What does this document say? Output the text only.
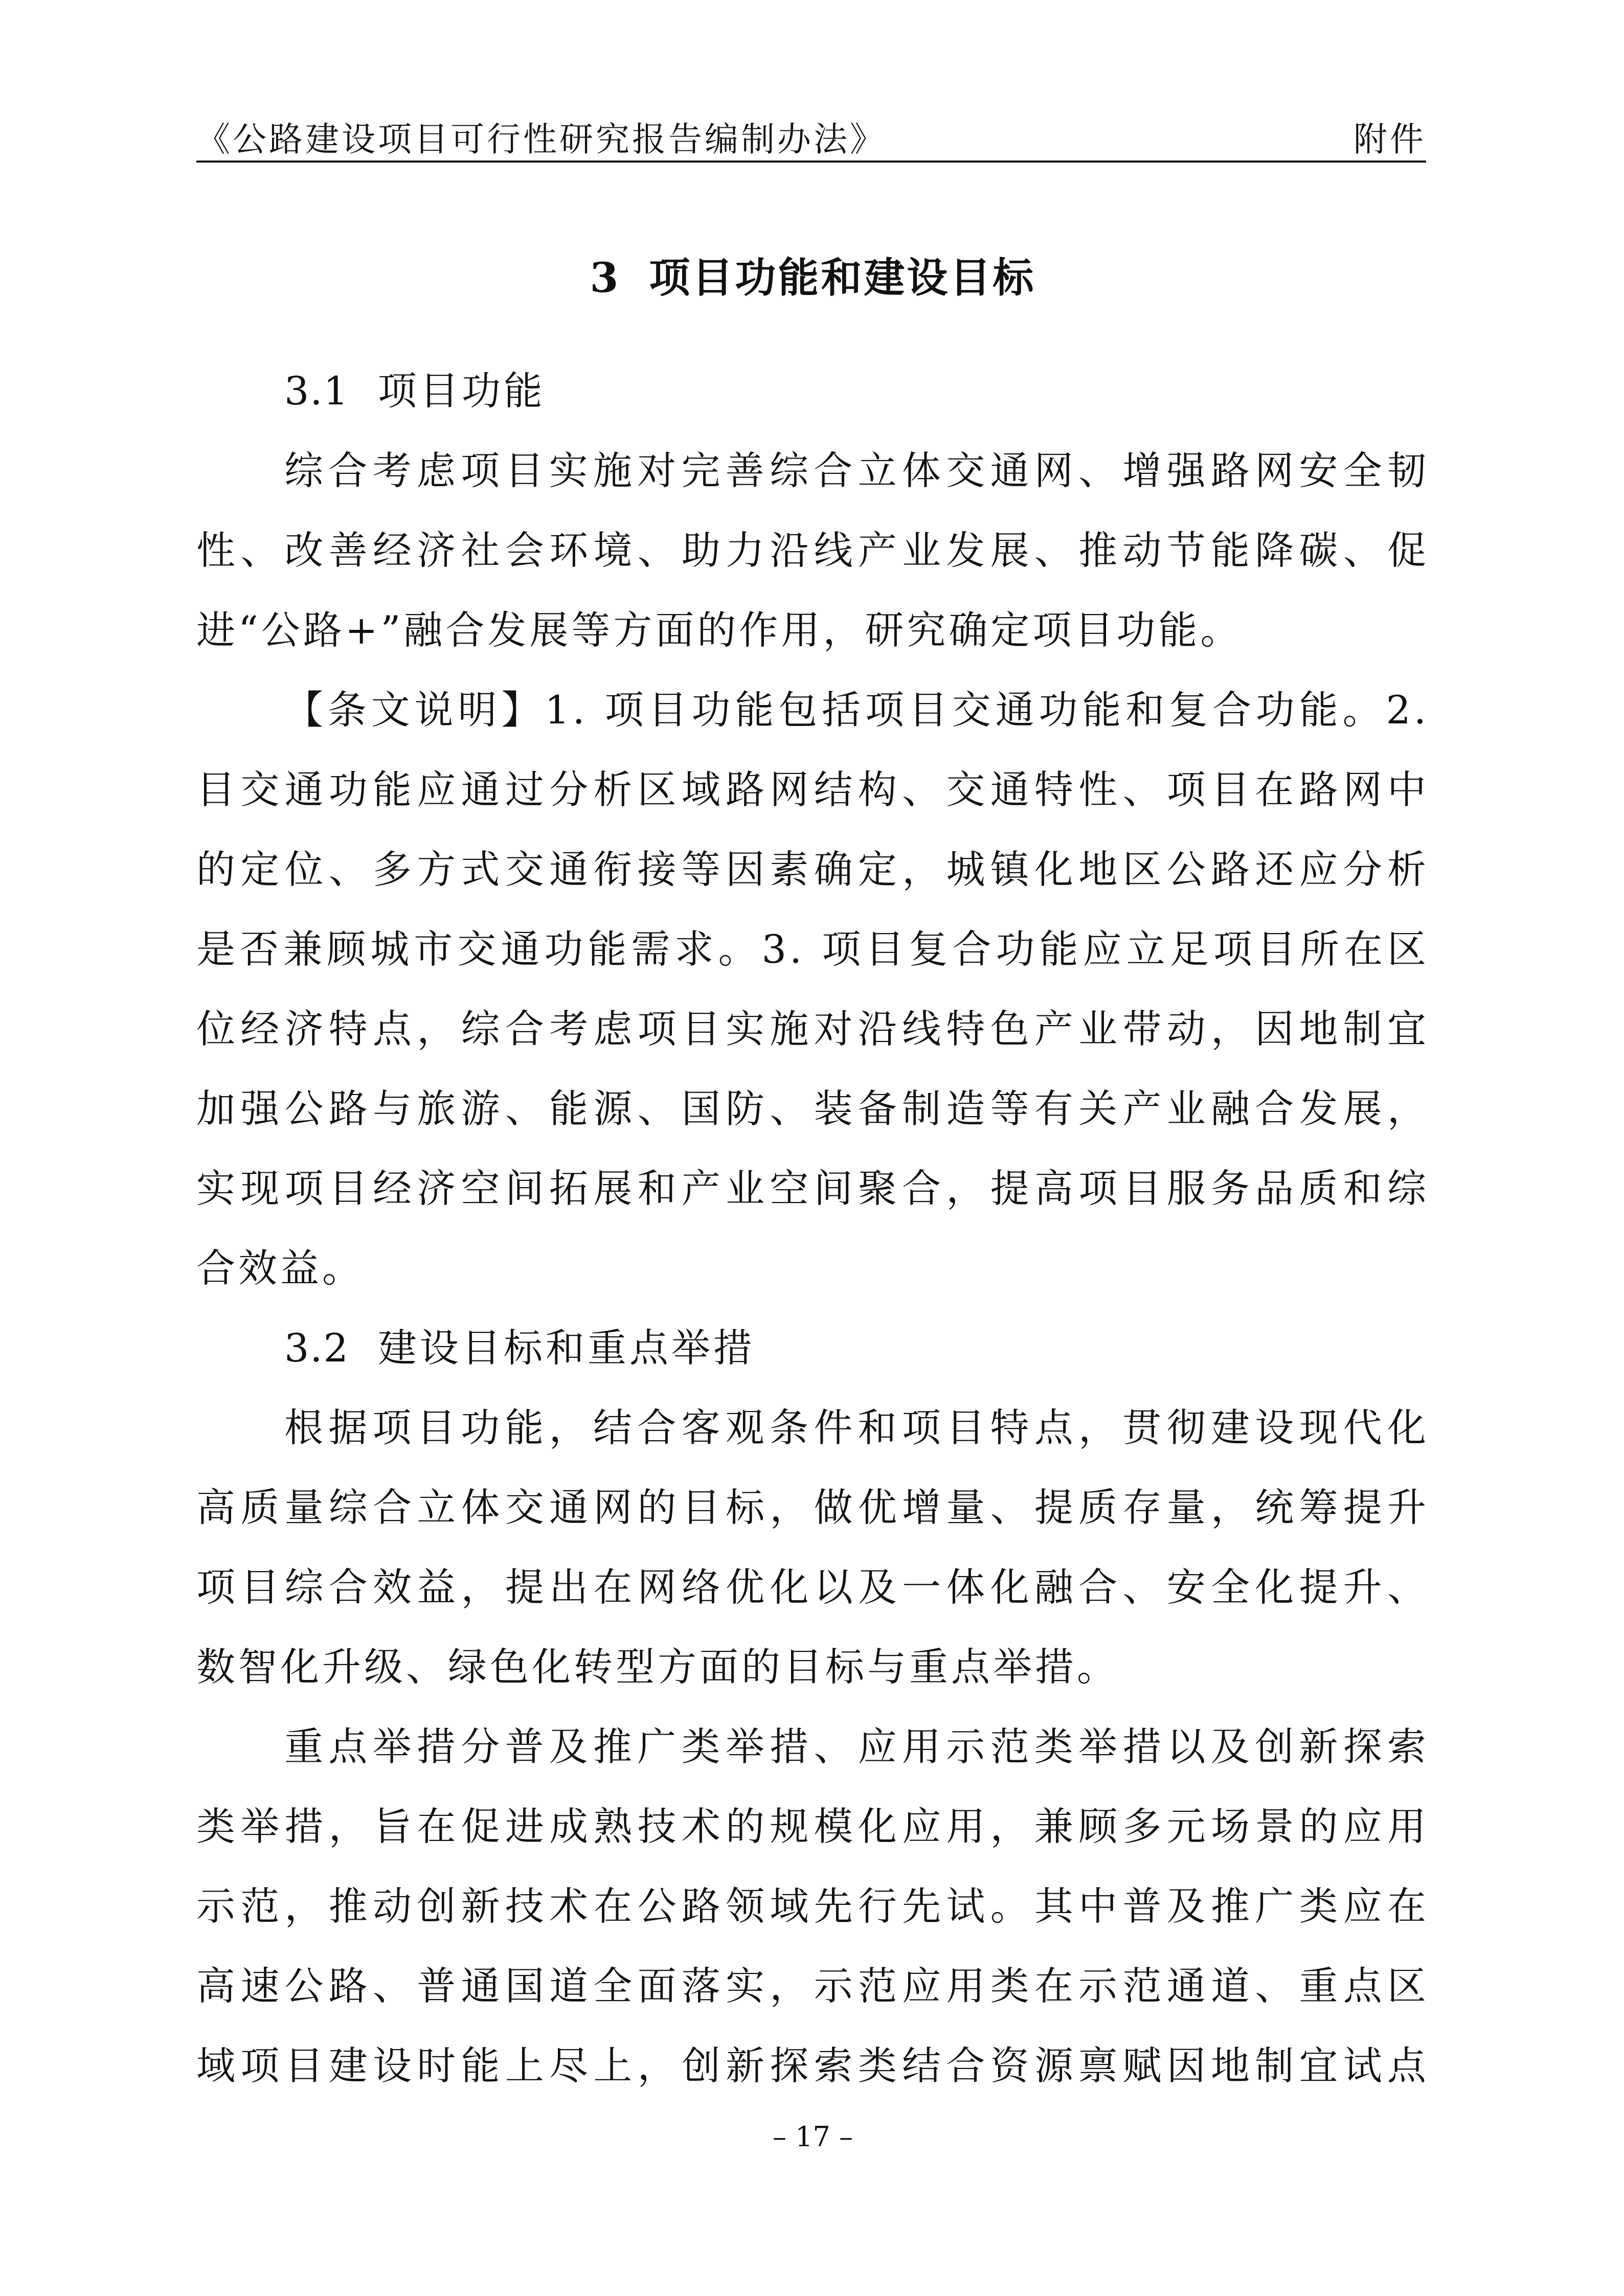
《公路建设项目可行性研究报告编制办法》	附件
3 项目功能和建设目标
3.1 项目功能
综合考虑项目实施对完善综合立体交通网、增强路网安全韧
性、改善经济社会环境、助力沿线产业发展、推动节能降碳、促
进“公路+”融合发展等方面的作用，研究确定项目功能。
【条文说明】1. 项目功能包括项目交通功能和复合功能。2.
目交通功能应通过分析区域路网结构、交通特性、项目在路网中
的定位、多方式交通衔接等因素确定，城镇化地区公路还应分析
是否兼顾城市交通功能需求。3. 项目复合功能应立足项目所在区
位经济特点，综合考虑项目实施对沿线特色产业带动，因地制宜
加强公路与旅游、能源、国防、装备制造等有关产业融合发展，
实现项目经济空间拓展和产业空间聚合，提高项目服务品质和综
合效益。
3.2 建设目标和重点举措
根据项目功能，结合客观条件和项目特点，贯彻建设现代化
高质量综合立体交通网的目标，做优增量、提质存量，统筹提升
项目综合效益，提出在网络优化以及一体化融合、安全化提升、
数智化升级、绿色化转型方面的目标与重点举措。
重点举措分普及推广类举措、应用示范类举措以及创新探索
类举措，旨在促进成熟技术的规模化应用，兼顾多元场景的应用
示范，推动创新技术在公路领域先行先试。其中普及推广类应在
高速公路、普通国道全面落实，示范应用类在示范通道、重点区
域项目建设时能上尽上，创新探索类结合资源禀赋因地制宜试点
– 17 –
